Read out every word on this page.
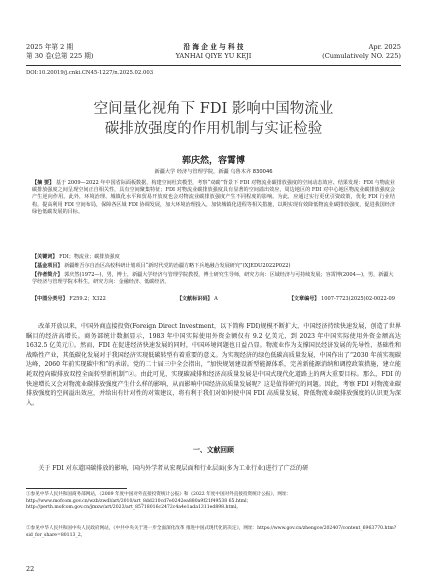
2025 年第 2 期	沿 海 企 业 与 科 技	Apr. 2025
第 30 卷(总第 225 期)	YANHAI QIYE YU KEJI	(Cumulatively NO. 225)
DOI:10.20019/j.cnki.CN45-1227/n.2025.02.003
空间量化视角下 FDI 影响中国物流业
碳排放强度的作用机制与实证检验
郭庆然，容霄博
新疆大学 经济与管理学院，新疆 乌鲁木齐 830046
【摘 要】 基于 2009—2022 年中国省际面板数据，构建空间杜宾模型，考察“双碳”背景下 FDI 对物流业碳排放强度的空间动态效应、结果发现：FDI 与物流业碳排放强度之间呈现空间正自相关性，具有空间聚集特征；FDI 对物流业碳排放强度具有显著的空间溢出效应，周边地区的 FDI 对中心地区物流业碳排放强度会产生逆向作用。此外，环境治理、城镇化水平和贸易开放度也会对物流业碳排放强度产生不同程度的影响。为此，应通过实行更优引资政策，优化 FDI 行业结构，提高利用 FDI 空间布局，保障各区域 FDI 协调发展，加大环境治理投入，加快城镇化进程等相关措施，以期实现有效降低物流业碳排放强度，促进我国经济绿色低碳发展的目标。
【关键词】 FDI；物流业；碳排放强度
【基金项目】 新疆维吾尔自治区高校科研计划项目“新时代党的治疆方略下兵地融合发展研究”(XJEDU2022P022)
【作者简介】 郭庆然(1972—)，男，博士，新疆大学经济与管理学院教授，博士研究生导师，研究方向：区域经济与可持续发展；容霄博(2004—)，男，新疆大学经济与管理学院本科生，研究方向：金融经济、低碳经济。
【中图分类号】 F259.2；X322	【文献标识码】 A	【文章编号】 1007-7723(2025)02-0022-09
改革开放以来，中国外商直接投资(Foreign Direct Investment，以下简称 FDI)规模不断扩大，中国经济持续快速发展，创造了世界瞩目的经济高增长。商务部统计数据显示，1983 年中国实际使用外资金额仅有 9.2 亿美元，到 2023 年中国实际使用外资金额高达 1632.5 亿美元①。然而，FDI 在促进经济快速发展的同时，中国环境问题也日益凸显。物流业作为支撑国民经济发展的先导性、基础性和战略性产业，其低碳化发展对于我国经济实现低碳转型有着重要的意义。为实现经济的绿色低碳高质量发展，中国作出了“2030 年前实现碳达峰，2060 年前实现碳中和”的承诺。党的二十届三中全会指出，“加快规划建设新型能源体系，完善新能源消纳和调控政策措施，建立能耗双控向碳排放双控全面转型新机制”②。由此可见，实现碳减排和经济高质量发展是中国式现代化道路上的两大重要目标。那么，FDI 的快速增长又会对物流业碳排放强度产生什么样的影响，从而影响中国经济高质量发展呢？这是值得研究的问题。因此，考察 FDI 对物流业碳排放强度的空间溢出效应，并给出有针对性的对策建议，将有利于我们对如何使中国 FDI 高质量发展、降低物流业碳排放强度的认识更为深入。
一、文献回顾
关于 FDI 对东道国碳排放的影响，国内外学者从宏观层面和行业层面(多为工业行业)进行了广泛的研
①参见中华人民共和国商务部网站，《2009 年度中国对外直接投资统计公报》和《2022 年度中国对外直接投资统计公报》，网址：http://www.mofcom.gov.cn/wzb/zwdl/art/2010/art_8dd210cd7e0242ea880a9f21f49538 65.html；http://perth.mofcom.gov.cn/jmxw/art/2023/art_85718016c2472c4a4e1ada1311ed898.html。
②参见中华人民共和国中央人民政府网站，《中共中央关于进一步全面深化改革 推进中国式现代化的决定》，网址：https://www.gov.cn/zhengce/202407/content_6963770.htm?sid_for_share=80113_2。
22
